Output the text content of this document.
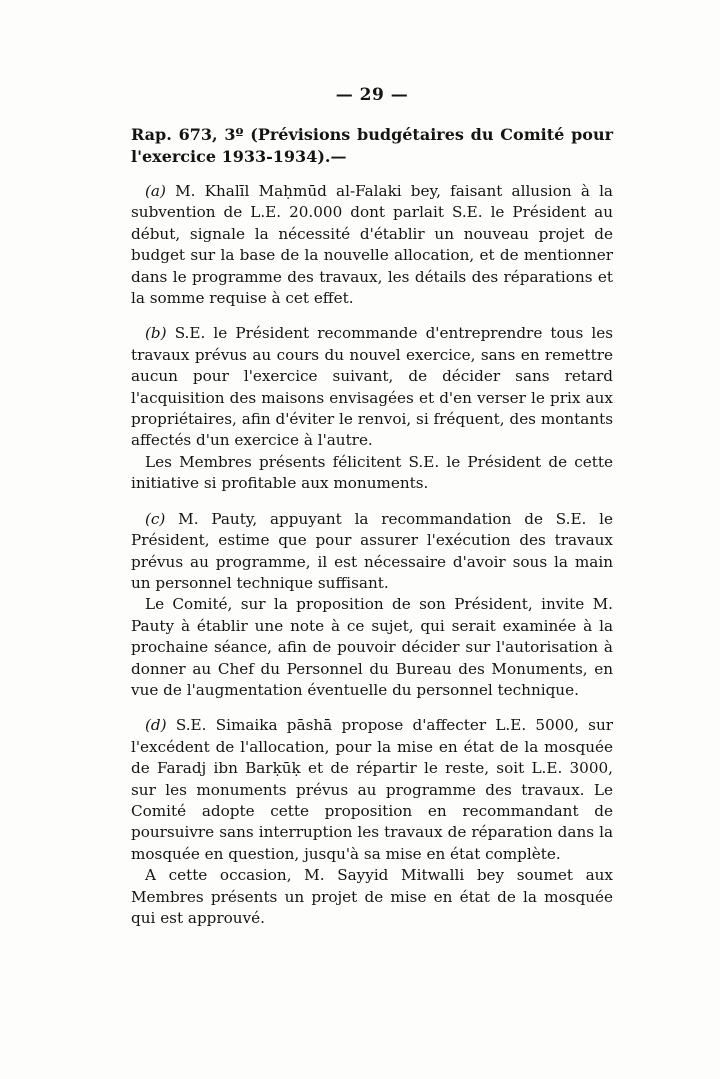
— 29 —

Rap. 673, 3º (Prévisions budgétaires du Comité pour l'exercice 1933-1934).—

(a) M. Khalīl Maḥmūd al-Falaki bey, faisant allusion à la subvention de L.E. 20.000 dont parlait S.E. le Président au début, signale la nécessité d'établir un nouveau projet de budget sur la base de la nouvelle allocation, et de mentionner dans le programme des travaux, les détails des réparations et la somme requise à cet effet.

(b) S.E. le Président recommande d'entreprendre tous les travaux prévus au cours du nouvel exercice, sans en remettre aucun pour l'exercice suivant, de décider sans retard l'acquisition des maisons envisagées et d'en verser le prix aux propriétaires, afin d'éviter le renvoi, si fréquent, des montants affectés d'un exercice à l'autre.

Les Membres présents félicitent S.E. le Président de cette initiative si profitable aux monuments.

(c) M. Pauty, appuyant la recommandation de S.E. le Président, estime que pour assurer l'exécution des travaux prévus au programme, il est nécessaire d'avoir sous la main un personnel technique suffisant.

Le Comité, sur la proposition de son Président, invite M. Pauty à établir une note à ce sujet, qui serait examinée à la prochaine séance, afin de pouvoir décider sur l'autorisation à donner au Chef du Personnel du Bureau des Monuments, en vue de l'augmentation éventuelle du personnel technique.

(d) S.E. Simaika pāshā propose d'affecter L.E. 5000, sur l'excédent de l'allocation, pour la mise en état de la mosquée de Faradj ibn Barḳūḳ et de répartir le reste, soit L.E. 3000, sur les monuments prévus au programme des travaux. Le Comité adopte cette proposition en recommandant de poursuivre sans interruption les travaux de réparation dans la mosquée en question, jusqu'à sa mise en état complète.

A cette occasion, M. Sayyid Mitwalli bey soumet aux Membres présents un projet de mise en état de la mosquée qui est approuvé.
